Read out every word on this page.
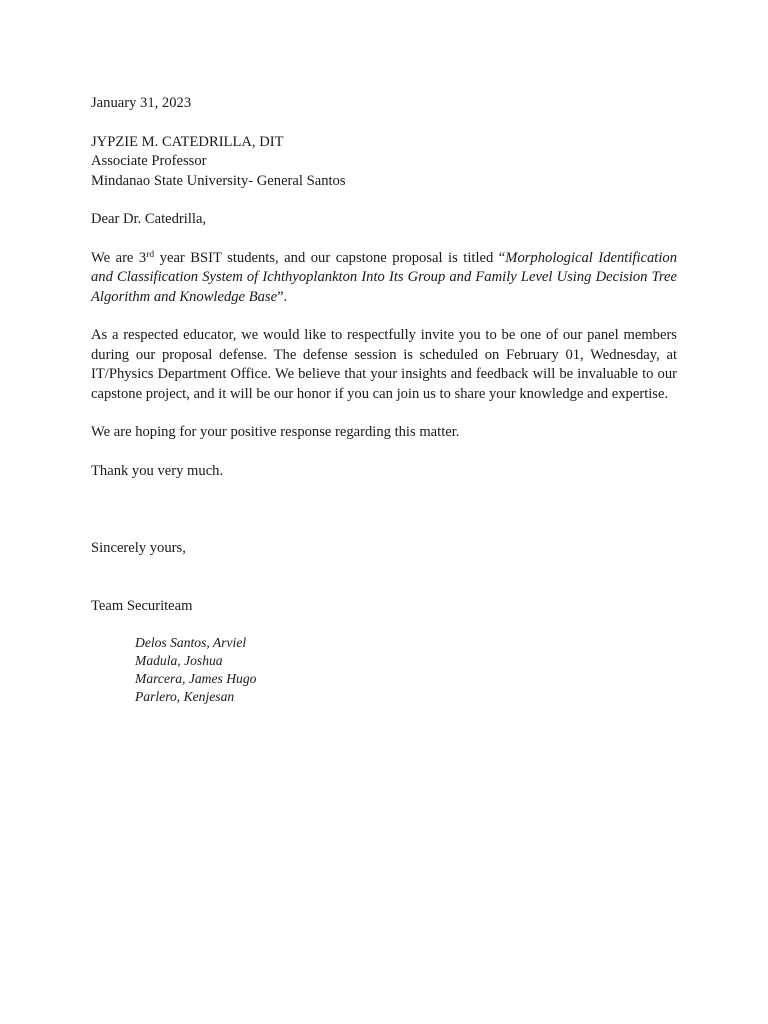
January 31, 2023
JYPZIE M. CATEDRILLA, DIT
Associate Professor
Mindanao State University- General Santos
Dear Dr. Catedrilla,

We are 3rd year BSIT students, and our capstone proposal is titled “Morphological Identification and Classification System of Ichthyoplankton Into Its Group and Family Level Using Decision Tree Algorithm and Knowledge Base”.

As a respected educator, we would like to respectfully invite you to be one of our panel members during our proposal defense. The defense session is scheduled on February 01, Wednesday, at IT/Physics Department Office. We believe that your insights and feedback will be invaluable to our capstone project, and it will be our honor if you can join us to share your knowledge and expertise.

We are hoping for your positive response regarding this matter.

Thank you very much.

Sincerely yours,
Team Securiteam
Delos Santos, Arviel
Madula, Joshua
Marcera, James Hugo
Parlero, Kenjesan
